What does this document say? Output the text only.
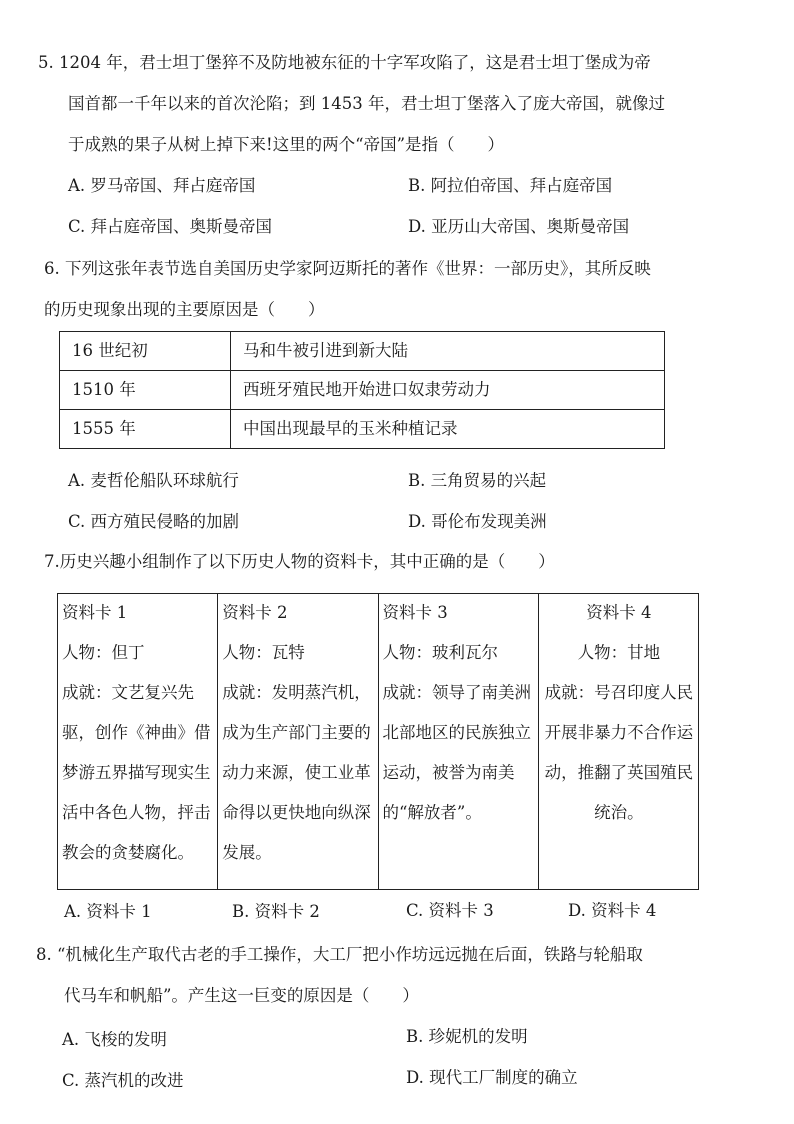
5. 1204 年，君士坦丁堡猝不及防地被东征的十字军攻陷了，这是君士坦丁堡成为帝
国首都一千年以来的首次沦陷；到 1453 年，君士坦丁堡落入了庞大帝国，就像过
于成熟的果子从树上掉下来!这里的两个“帝国”是指（　　）
A. 罗马帝国、拜占庭帝国	B. 阿拉伯帝国、拜占庭帝国
C. 拜占庭帝国、奥斯曼帝国	D. 亚历山大帝国、奥斯曼帝国
6. 下列这张年表节选自美国历史学家阿迈斯托的著作《世界：一部历史》，其所反映
的历史现象出现的主要原因是（　　）
16 世纪初	马和牛被引进到新大陆
1510 年	西班牙殖民地开始进口奴隶劳动力
1555 年	中国出现最早的玉米种植记录
A. 麦哲伦船队环球航行	B. 三角贸易的兴起
C. 西方殖民侵略的加剧	D. 哥伦布发现美洲
7.历史兴趣小组制作了以下历史人物的资料卡，其中正确的是（　　）
资料卡 1
人物：但丁
成就：文艺复兴先驱，创作《神曲》借梦游五界描写现实生活中各色人物，抨击教会的贪婪腐化。
资料卡 2
人物：瓦特
成就：发明蒸汽机，成为生产部门主要的动力来源，使工业革命得以更快地向纵深发展。
资料卡 3
人物：玻利瓦尔
成就：领导了南美洲北部地区的民族独立运动，被誉为南美的“解放者”。
资料卡 4
人物：甘地
成就：号召印度人民开展非暴力不合作运动，推翻了英国殖民统治。
A. 资料卡 1	B. 资料卡 2	C. 资料卡 3	D. 资料卡 4
8. “机械化生产取代古老的手工操作，大工厂把小作坊远远抛在后面，铁路与轮船取
代马车和帆船”。产生这一巨变的原因是（　　）
A. 飞梭的发明	B. 珍妮机的发明
C. 蒸汽机的改进	D. 现代工厂制度的确立
